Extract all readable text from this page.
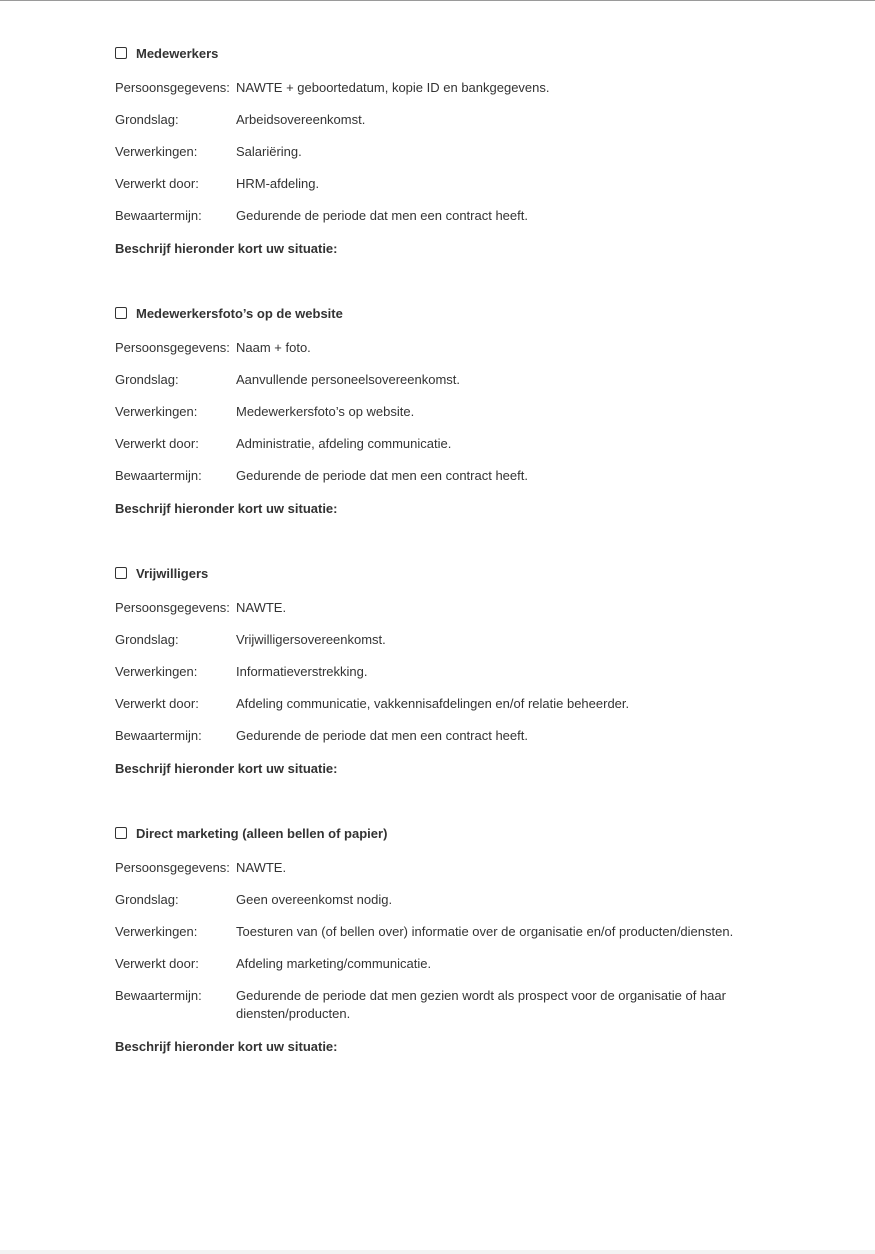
Medewerkers
Persoonsgegevens: NAWTE + geboortedatum, kopie ID en bankgegevens.
Grondslag:	Arbeidsovereenkomst.
Verwerkingen:	Salariëring.
Verwerkt door:	HRM-afdeling.
Bewaartermijn:	Gedurende de periode dat men een contract heeft.
Beschrijf hieronder kort uw situatie:
Medewerkersfoto’s op de website
Persoonsgegevens: Naam + foto.
Grondslag:	Aanvullende personeelsovereenkomst.
Verwerkingen:	Medewerkersfoto’s op website.
Verwerkt door:	Administratie, afdeling communicatie.
Bewaartermijn:	Gedurende de periode dat men een contract heeft.
Beschrijf hieronder kort uw situatie:
Vrijwilligers
Persoonsgegevens: NAWTE.
Grondslag:	Vrijwilligersovereenkomst.
Verwerkingen:	Informatieverstrekking.
Verwerkt door:	Afdeling communicatie, vakkennisafdelingen en/of relatie beheerder.
Bewaartermijn:	Gedurende de periode dat men een contract heeft.
Beschrijf hieronder kort uw situatie:
Direct marketing (alleen bellen of papier)
Persoonsgegevens: NAWTE.
Grondslag:	Geen overeenkomst nodig.
Verwerkingen:	Toesturen van (of bellen over) informatie over de organisatie en/of producten/diensten.
Verwerkt door:	Afdeling marketing/communicatie.
Bewaartermijn:	Gedurende de periode dat men gezien wordt als prospect voor de organisatie of haar diensten/producten.
Beschrijf hieronder kort uw situatie:
